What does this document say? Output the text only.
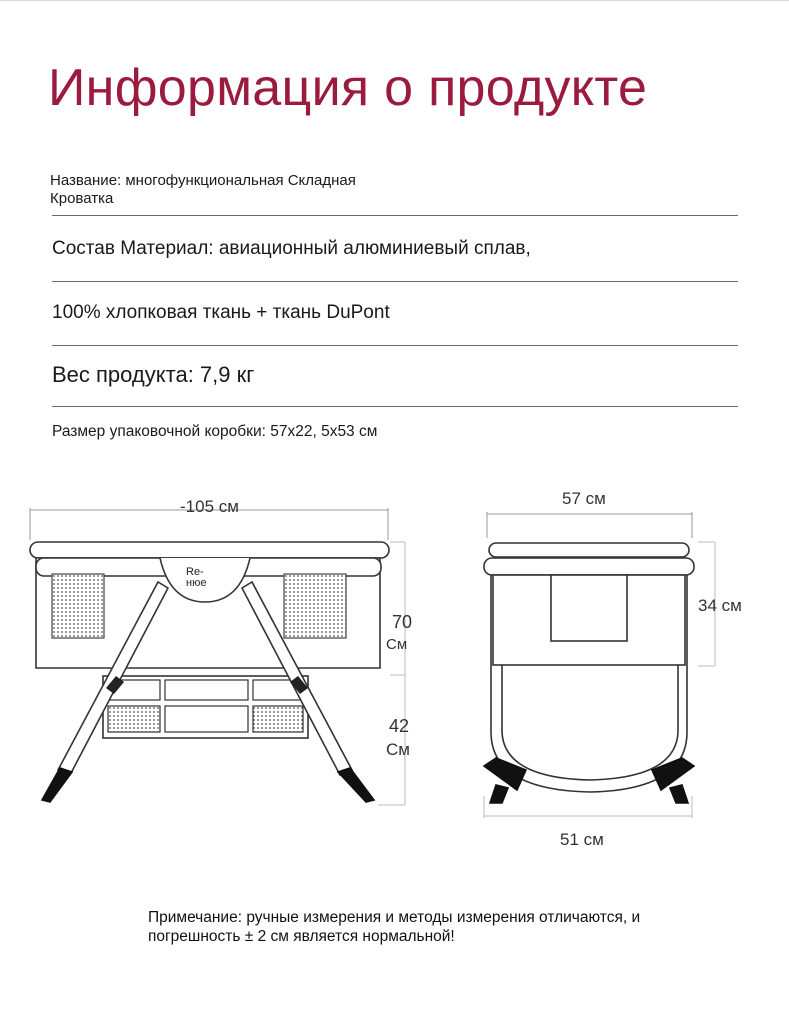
Информация о продукте
Название: многофункциональная Складная Кроватка
Состав Материал: авиационный алюминиевый сплав,
100% хлопковая ткань + ткань DuPont
Вес продукта: 7,9 кг
Размер упаковочной коробки: 57x22, 5x53 см
-105 см
Re-
нюе
70
См
42
См
57 см
34 см
51 см
Примечание: ручные измерения и методы измерения отличаются, и погрешность ± 2 см является нормальной!
